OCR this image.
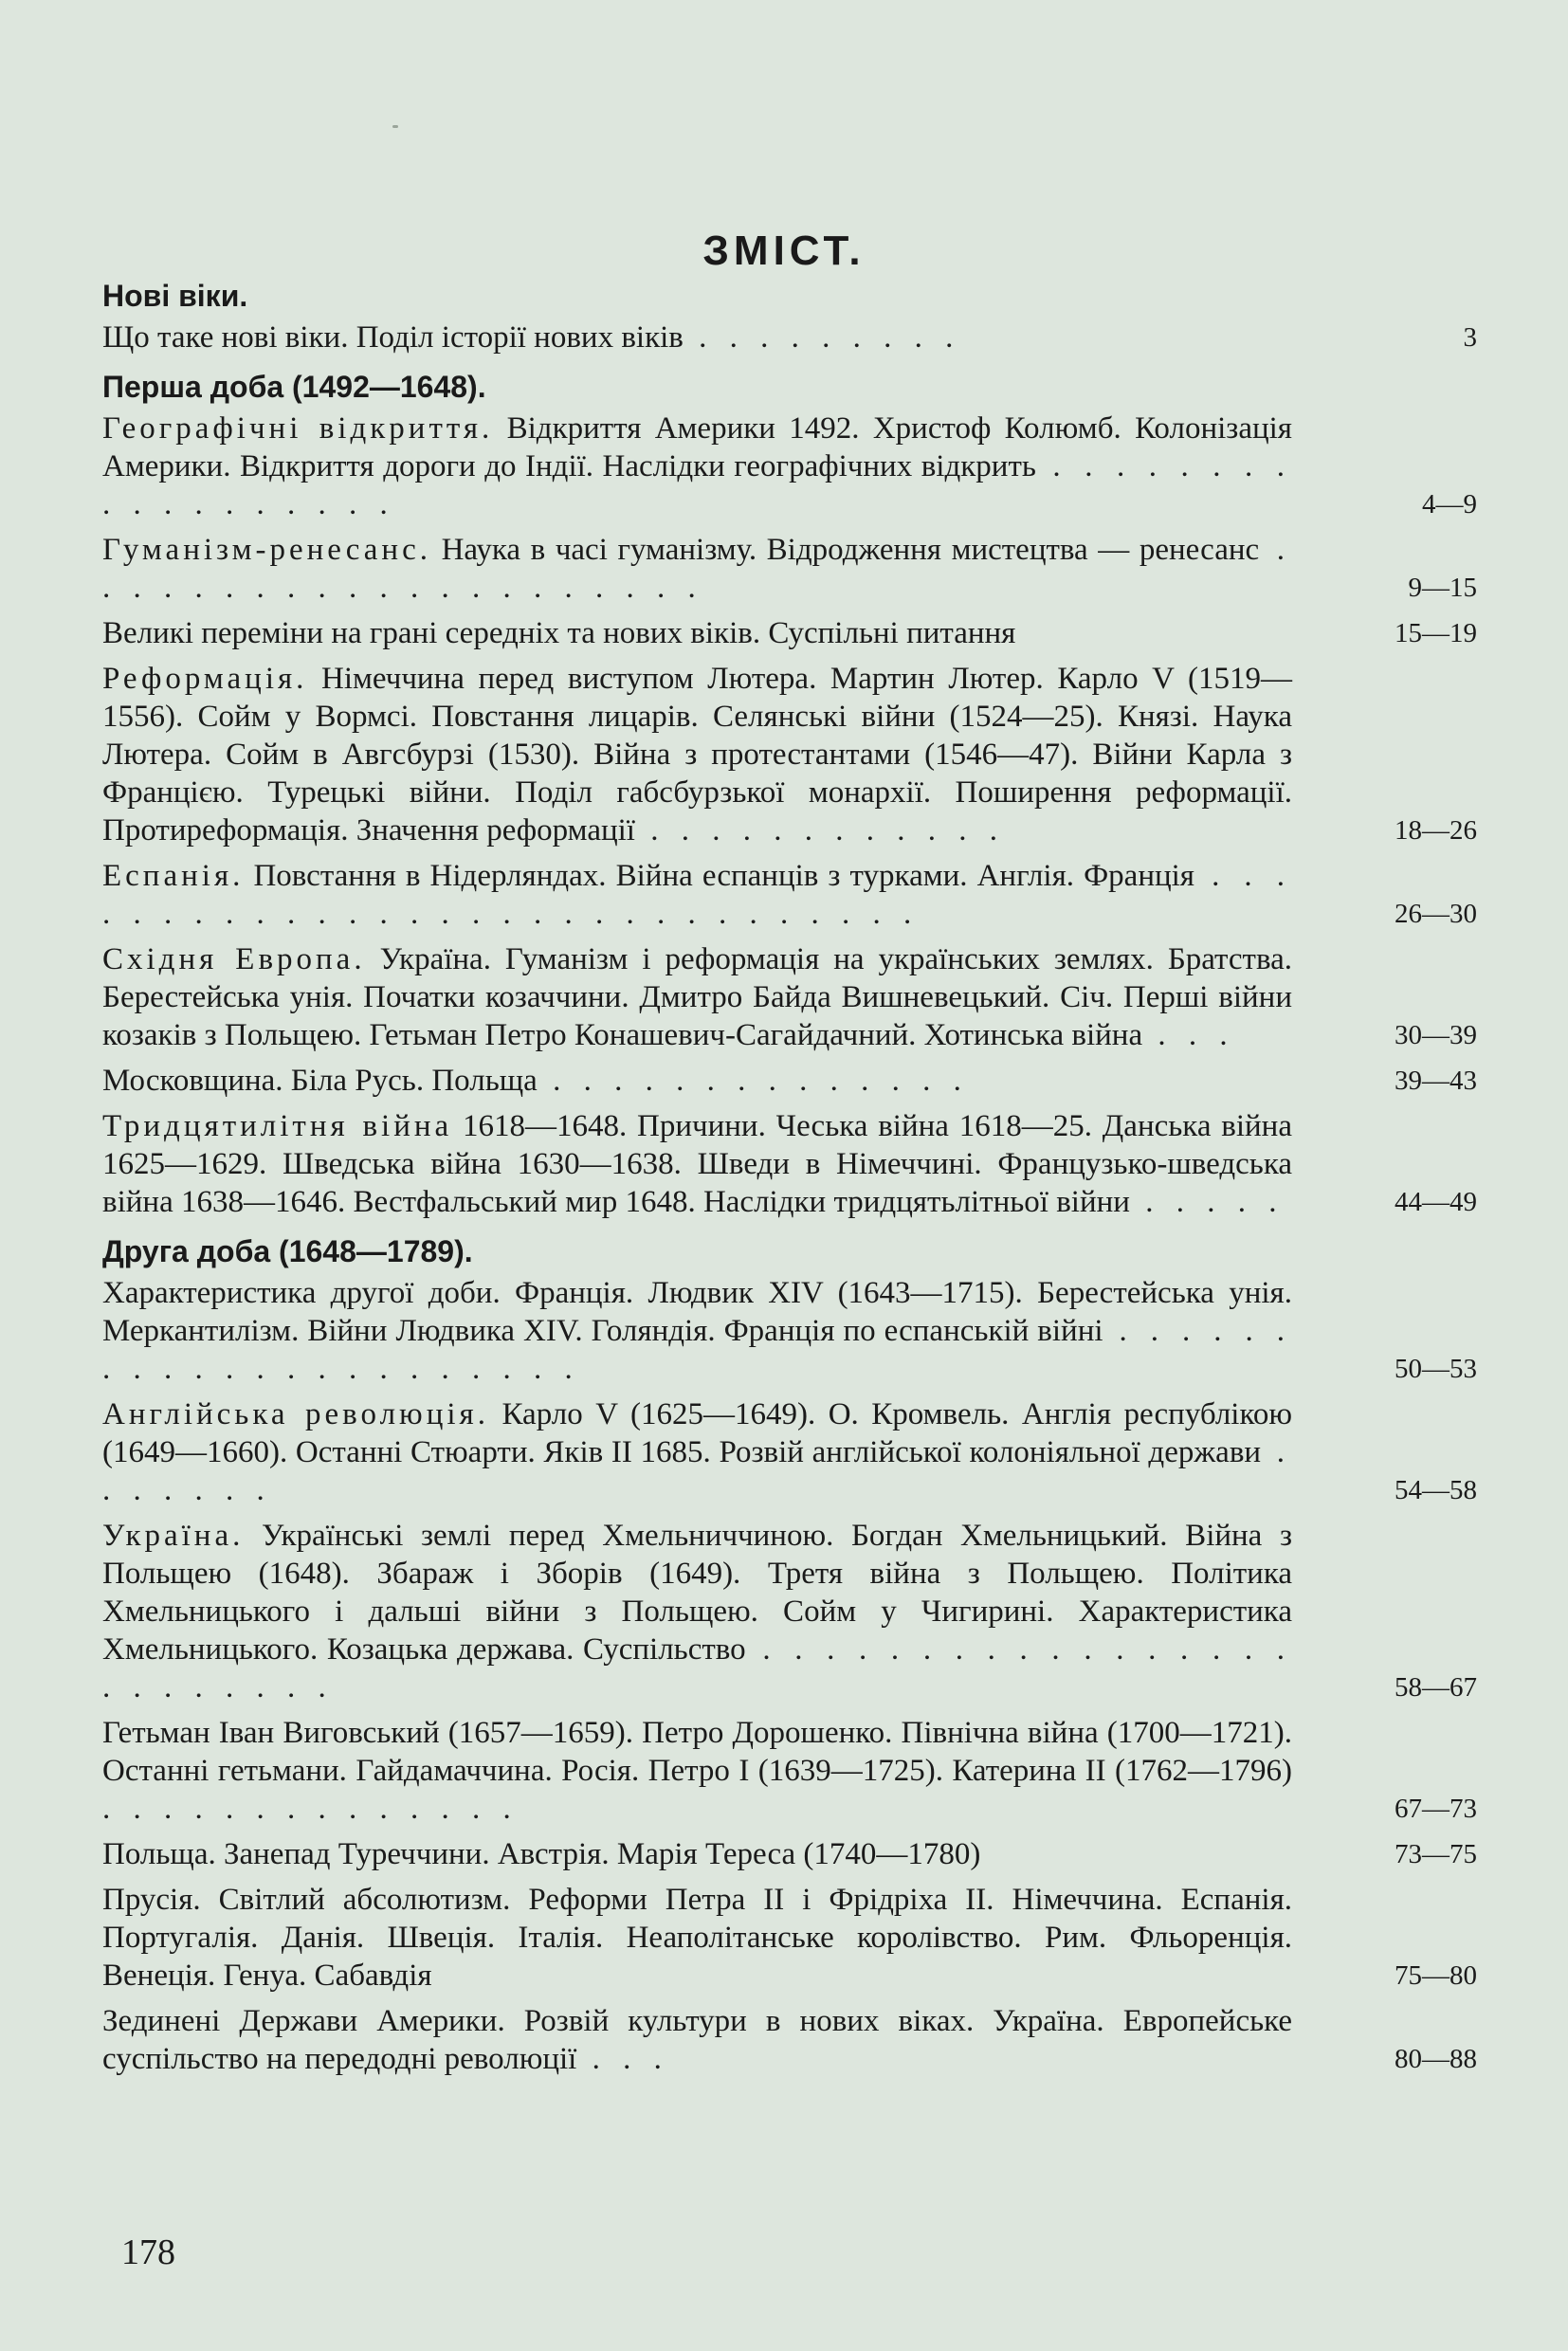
ЗМІСТ.
Нові віки.
Що таке нові віки. Поділ історії нових віків . . . . . . . . .	3
Перша доба (1492—1648).
Географічні відкриття. Відкриття Америки 1492. Христоф Колюмб. Колонізація Америки. Відкриття дороги до Індії. Наслідки географічних відкрить . . . . . . . . . . . . . . . . . .	4—9
Гуманізм-ренесанс. Наука в часі гуманізму. Відродження мистецтва — ренесанс . . . . . . . . . . . . . . . . . . . . .	9—15
Великі переміни на грані середніх та нових віків. Суспільні питання	15—19
Реформація. Німеччина перед виступом Лютера. Мартин Лютер. Карло V (1519—1556). Сойм у Вормсі. Повстання лицарів. Селянські війни (1524—25). Князі. Наука Лютера. Сойм в Авгсбурзі (1530). Війна з протестантами (1546—47). Війни Карла з Францією. Турецькі війни. Поділ габсбурзької монархії. Поширення реформації. Протиреформація. Значення реформації . . . . . . . . . . . .	18—26
Еспанія. Повстання в Нідерляндах. Війна еспанців з турками. Англія. Франція . . . . . . . . . . . . . . . . . . . . . . . . . . . . . .	26—30
Східня Европа. Україна. Гуманізм і реформація на українських землях. Братства. Берестейська унія. Початки козаччини. Дмитро Байда Вишневецький. Січ. Перші війни козаків з Польщею. Гетьман Петро Конашевич-Сагайдачний. Хотинська війна . . .	30—39
Московщина. Біла Русь. Польща . . . . . . . . . . . . . .	39—43
Тридцятилітня війна 1618—1648. Причини. Чеська війна 1618—25. Данська війна 1625—1629. Шведська війна 1630—1638. Шведи в Німеччині. Французько-шведська війна 1638—1646. Вестфальський мир 1648. Наслідки тридцятьлітньої війни . . . . .	44—49
Друга доба (1648—1789).
Характеристика другої доби. Франція. Людвик XIV (1643—1715). Берестейська унія. Меркантилізм. Війни Людвика XIV. Голяндія. Франція по еспанській війні . . . . . . . . . . . . . . . . . . . . . .	50—53
Англійська революція. Карло V (1625—1649). О. Кромвель. Англія республікою (1649—1660). Останні Стюарти. Яків II 1685. Розвій англійської колоніяльної держави . . . . . . .	54—58
Україна. Українські землі перед Хмельниччиною. Богдан Хмельницький. Війна з Польщею (1648). Збараж і Зборів (1649). Третя війна з Польщею. Політика Хмельницького і дальші війни з Польщею. Сойм у Чигирині. Характеристика Хмельницького. Козацька держава. Суспільство . . . . . . . . . . . . . . . . . . . . . . . . .	58—67
Гетьман Іван Виговський (1657—1659). Петро Дорошенко. Північна війна (1700—1721). Останні гетьмани. Гайдамаччина. Росія. Петро I (1639—1725). Катерина II (1762—1796) . . . . . . . . . . . . . .	67—73
Польща. Занепад Туреччини. Австрія. Марія Тереса (1740—1780)	73—75
Прусія. Світлий абсолютизм. Реформи Петра II і Фрідріха II. Німеччина. Еспанія. Португалія. Данія. Швеція. Італія. Неаполітанське королівство. Рим. Фльоренція. Венеція. Генуа. Сабавдія	75—80
Зединені Держави Америки. Розвій культури в нових віках. Україна. Европейське суспільство на передодні революції . . .	80—88
178
